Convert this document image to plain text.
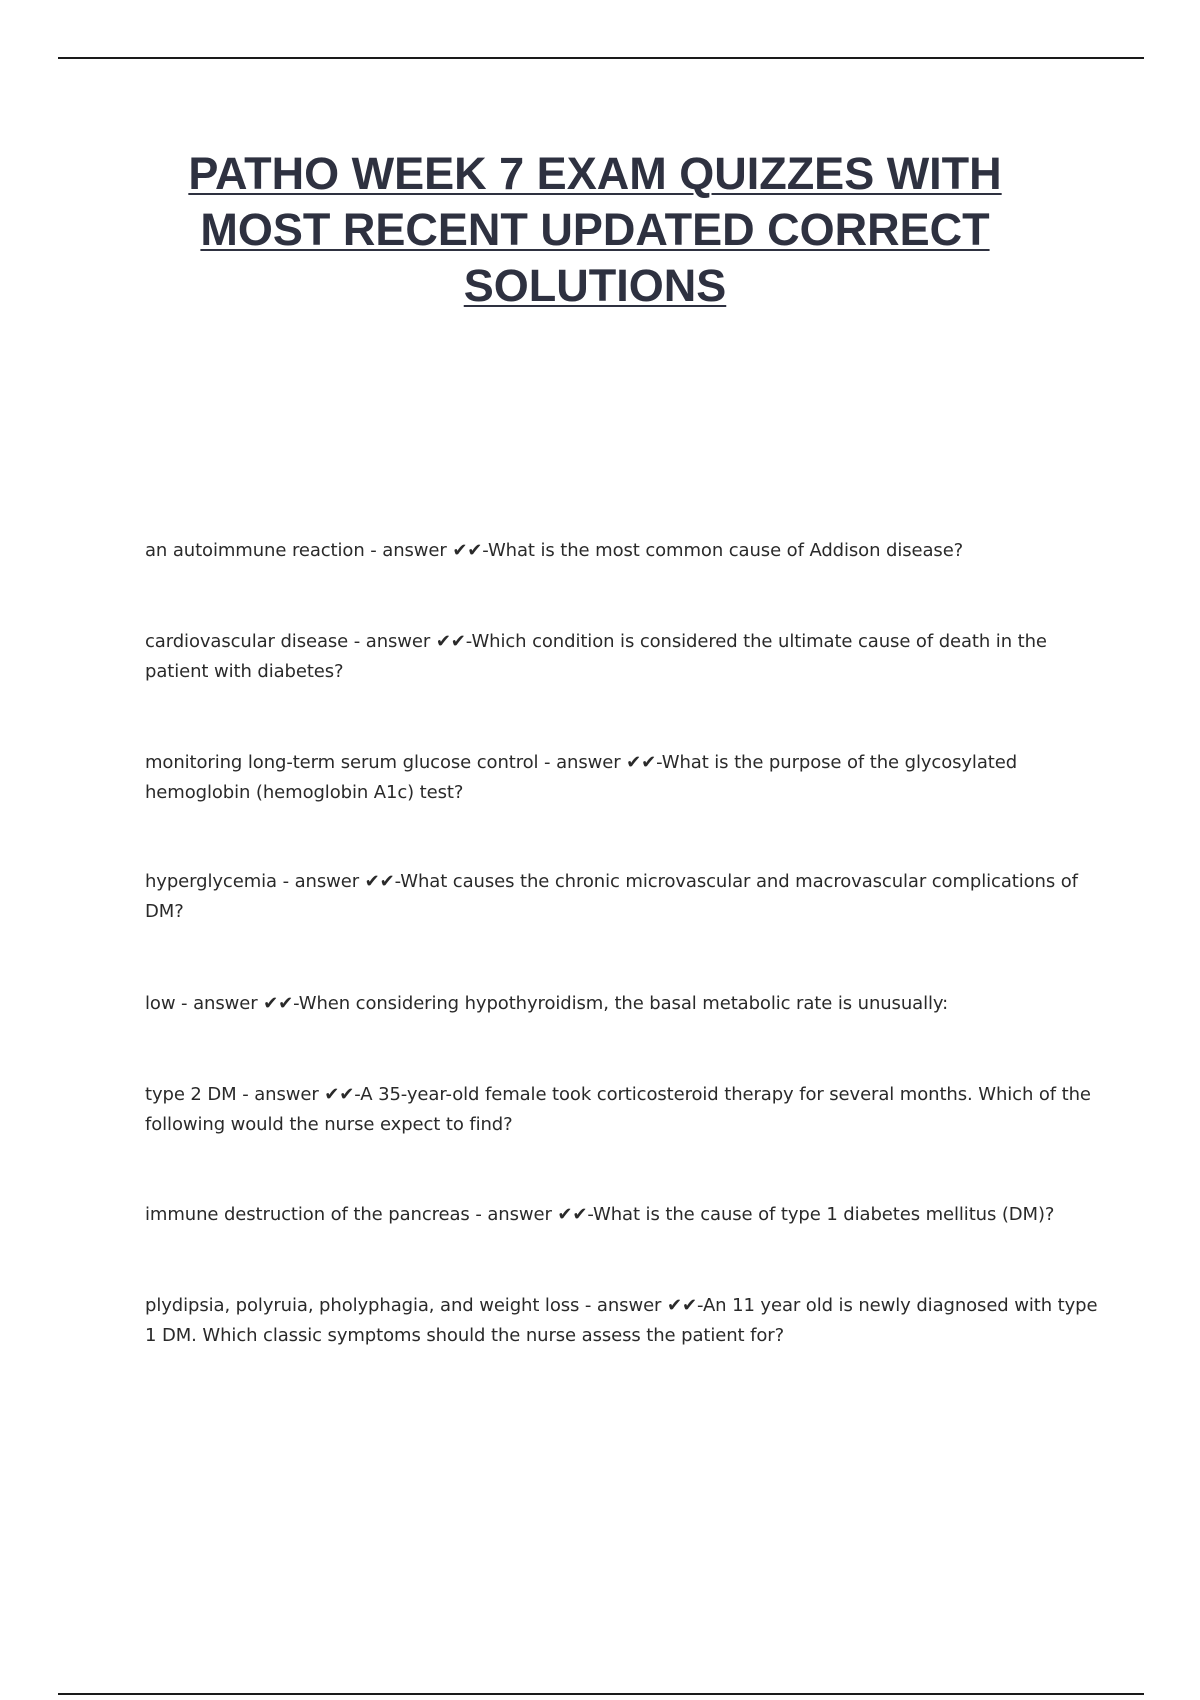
PATHO WEEK 7 EXAM QUIZZES WITH MOST RECENT UPDATED CORRECT SOLUTIONS

an autoimmune reaction - answer ✔✔-What is the most common cause of Addison disease?

cardiovascular disease - answer ✔✔-Which condition is considered the ultimate cause of death in the patient with diabetes?

monitoring long-term serum glucose control - answer ✔✔-What is the purpose of the glycosylated hemoglobin (hemoglobin A1c) test?

hyperglycemia - answer ✔✔-What causes the chronic microvascular and macrovascular complications of DM?

low - answer ✔✔-When considering hypothyroidism, the basal metabolic rate is unusually:

type 2 DM - answer ✔✔-A 35-year-old female took corticosteroid therapy for several months. Which of the following would the nurse expect to find?

immune destruction of the pancreas - answer ✔✔-What is the cause of type 1 diabetes mellitus (DM)?

plydipsia, polyruia, pholyphagia, and weight loss - answer ✔✔-An 11 year old is newly diagnosed with type 1 DM. Which classic symptoms should the nurse assess the patient for?
